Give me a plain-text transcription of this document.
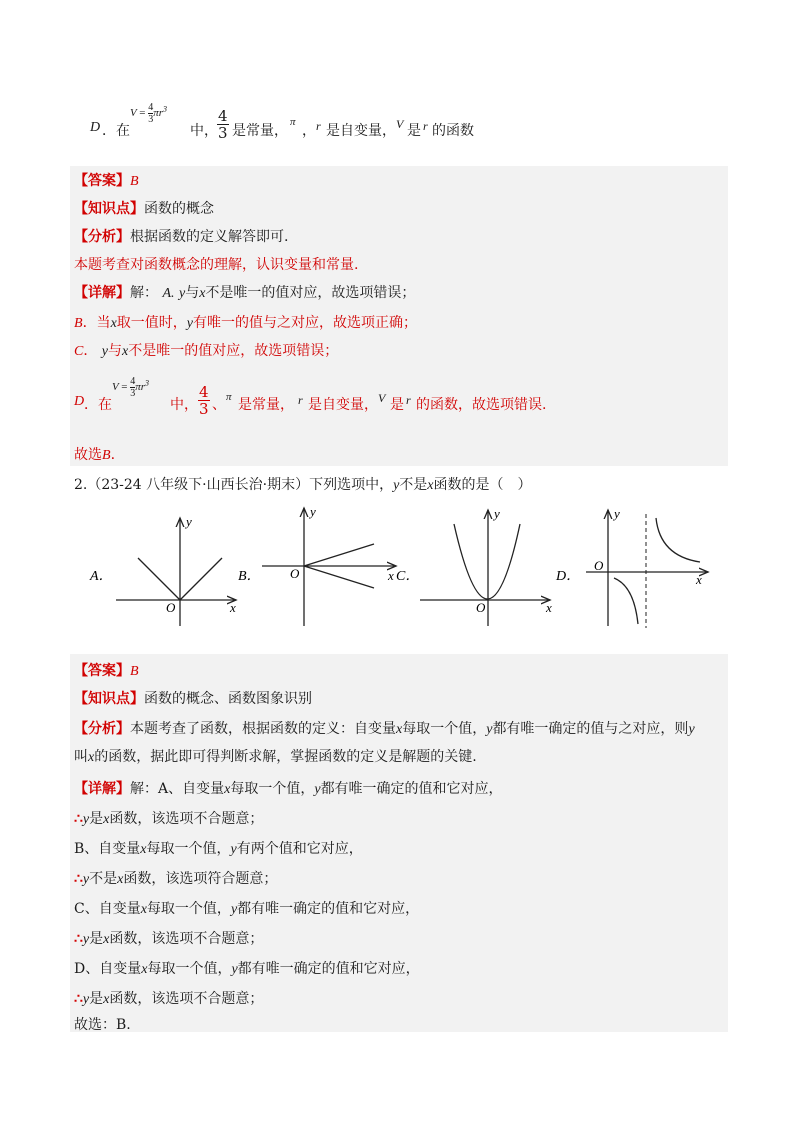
D ．在
$V = \frac{4}{3}\pi r^3$
中， $\frac{4}{3}$ 是常量，
π
， r 是自变量， V 是 r 的函数
【答案】B
【知识点】函数的概念
【分析】根据函数的定义解答即可.
本题考查对函数概念的理解，认识变量和常量.
【详解】解： A. y与x不是唯一的值对应，故选项错误；
B．当x取一值时，y有唯一的值与之对应，故选项正确；
C． y与x不是唯一的值对应，故选项错误；
D ．在
$V = \frac{4}{3}\pi r^3$
中， $\frac{4}{3}$ 、 π 是常量， r 是自变量， V 是 r 的函数，故选项错误.
故选B.
2.（23-24 八年级下·山西长治·期末）下列选项中，y不是x函数的是（　）
A．
x
y
O
B．	x
y
O	C．
x
y
O
D．	x
y
O
【答案】B
【知识点】函数的概念、函数图象识别
【分析】本题考查了函数，根据函数的定义：自变量x每取一个值，y都有唯一确定的值与之对应，则y
叫x的函数，据此即可得判断求解，掌握函数的定义是解题的关键.
【详解】解：A、自变量x每取一个值，y都有唯一确定的值和它对应，
∴y是x函数，该选项不合题意；
B、自变量x每取一个值，y有两个值和它对应，
∴y不是x函数，该选项符合题意；
C、自变量x每取一个值，y都有唯一确定的值和它对应，
∴y是x函数，该选项不合题意；
D、自变量x每取一个值，y都有唯一确定的值和它对应，
∴y是x函数，该选项不合题意；
故选：B.
